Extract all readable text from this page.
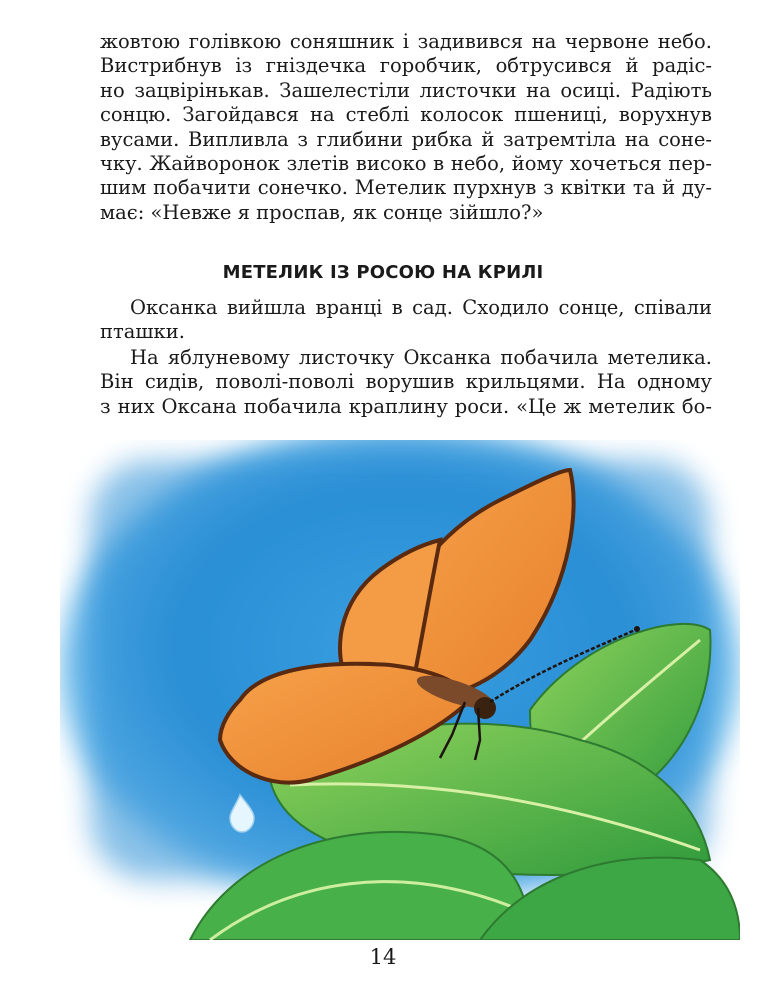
жовтою голівкою соняшник і задивився на червоне небо.
Вистрибнув із гніздечка горобчик, обтрусився й радіс-
но зацвірінькав. Зашелестіли листочки на осиці. Радіють
сонцю. Загойдався на стеблі колосок пшениці, ворухнув
вусами. Випливла з глибини рибка й затремтіла на соне-
чку. Жайворонок злетів високо в небо, йому хочеться пер-
шим побачити сонечко. Метелик пурхнув з квітки та й ду-
має: «Невже я проспав, як сонце зійшло?»
МЕТЕЛИК ІЗ РОСОЮ НА КРИЛІ
Оксанка вийшла вранці в сад. Сходило сонце, співали
пташки.
На яблуневому листочку Оксанка побачила метелика.
Він сидів, поволі-поволі ворушив крильцями. На одному
з них Оксана побачила краплину роси. «Це ж метелик бо-
14
